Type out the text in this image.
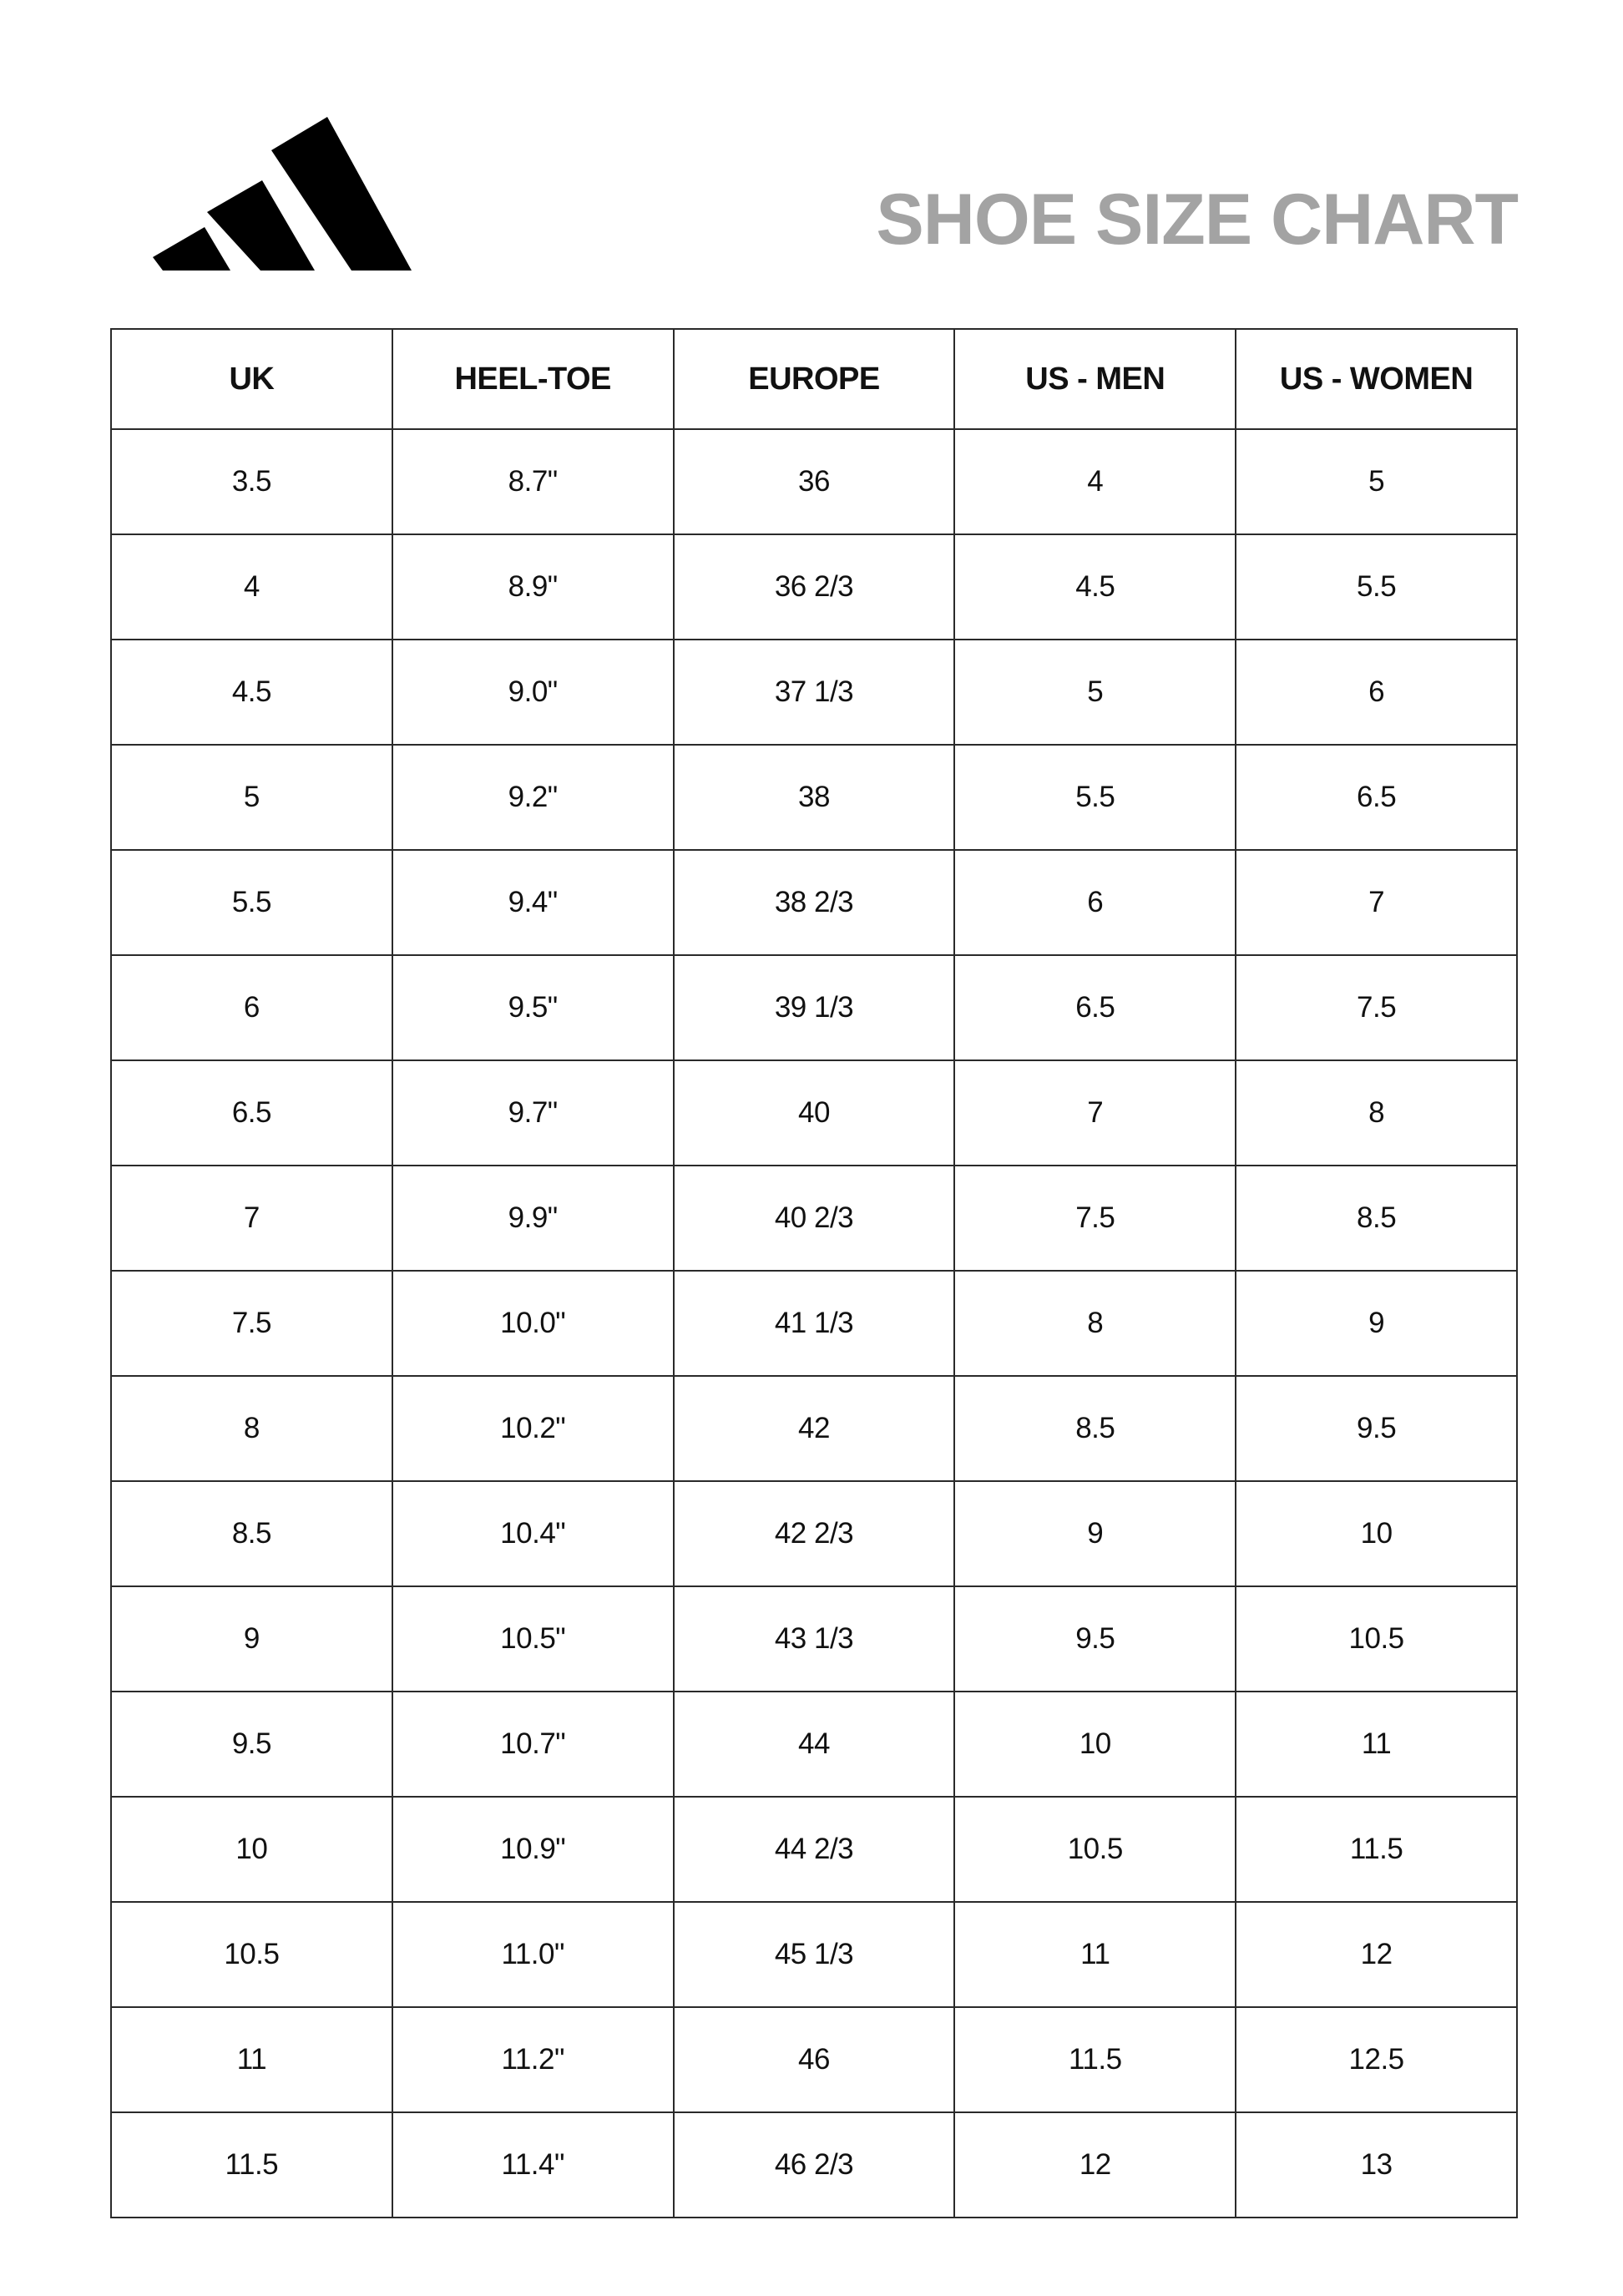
SHOE SIZE CHART
UK	HEEL-TOE	EUROPE	US - MEN	US - WOMEN
3.5	8.7"	36	4	5
4	8.9"	36 2/3	4.5	5.5
4.5	9.0"	37 1/3	5	6
5	9.2"	38	5.5	6.5
5.5	9.4"	38 2/3	6	7
6	9.5"	39 1/3	6.5	7.5
6.5	9.7"	40	7	8
7	9.9"	40 2/3	7.5	8.5
7.5	10.0"	41 1/3	8	9
8	10.2"	42	8.5	9.5
8.5	10.4"	42 2/3	9	10
9	10.5"	43 1/3	9.5	10.5
9.5	10.7"	44	10	11
10	10.9"	44 2/3	10.5	11.5
10.5	11.0"	45 1/3	11	12
11	11.2"	46	11.5	12.5
11.5	11.4"	46 2/3	12	13
